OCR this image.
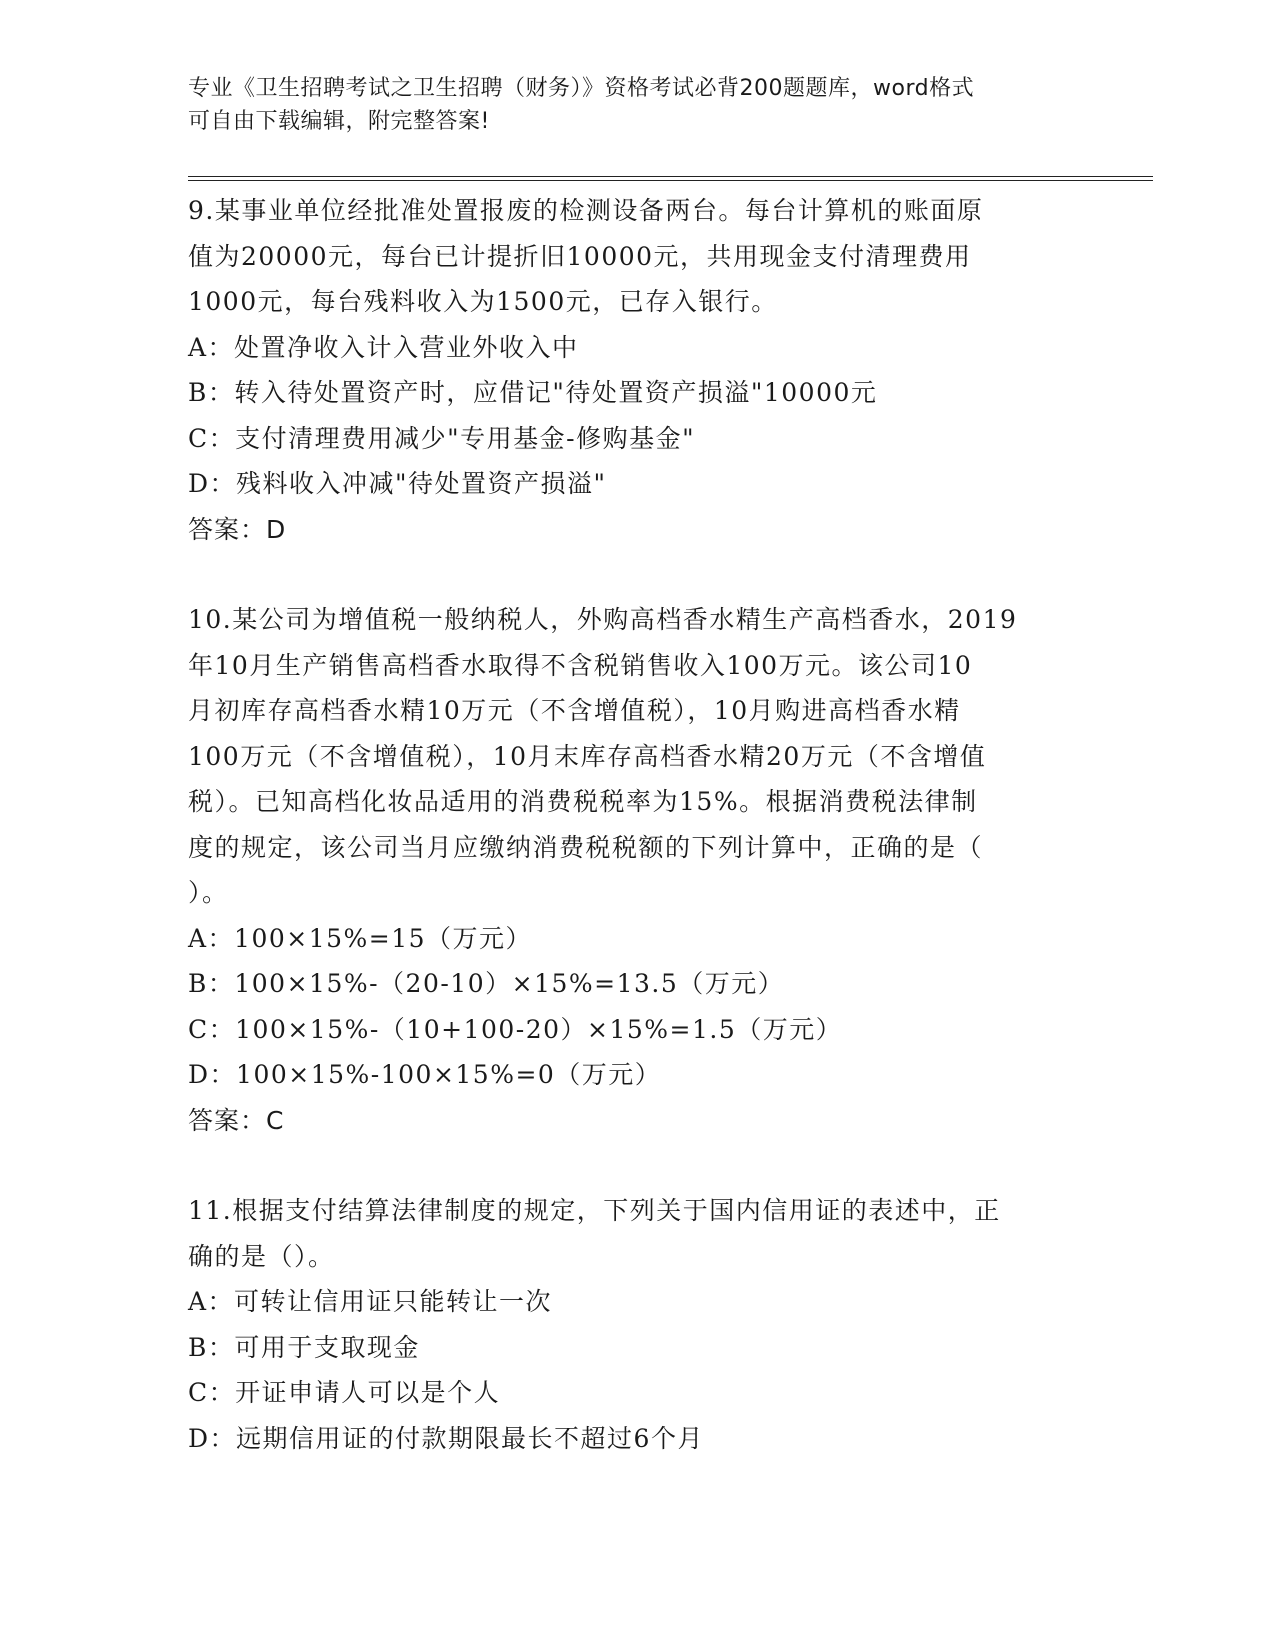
专业《卫生招聘考试之卫生招聘（财务）》资格考试必背200题题库，word格式
可自由下载编辑，附完整答案!

9.某事业单位经批准处置报废的检测设备两台。每台计算机的账面原

值为20000元，每台已计提折旧10000元，共用现金支付清理费用

1000元，每台残料收入为1500元，已存入银行。

A：处置净收入计入营业外收入中

B：转入待处置资产时，应借记"待处置资产损溢"10000元

C：支付清理费用减少"专用基金-修购基金"

D：残料收入冲减"待处置资产损溢"

答案：D

10.某公司为增值税一般纳税人，外购高档香水精生产高档香水，2019

年10月生产销售高档香水取得不含税销售收入100万元。该公司10

月初库存高档香水精10万元（不含增值税），10月购进高档香水精

100万元（不含增值税），10月末库存高档香水精20万元（不含增值

税）。已知高档化妆品适用的消费税税率为15%。根据消费税法律制

度的规定，该公司当月应缴纳消费税税额的下列计算中，正确的是（

）。

A：100×15%=15（万元）

B：100×15%-（20-10）×15%=13.5（万元）

C：100×15%-（10+100-20）×15%=1.5（万元）

D：100×15%-100×15%=0（万元）

答案：C

11.根据支付结算法律制度的规定，下列关于国内信用证的表述中，正

确的是（）。

A：可转让信用证只能转让一次

B：可用于支取现金

C：开证申请人可以是个人

D：远期信用证的付款期限最长不超过6个月
